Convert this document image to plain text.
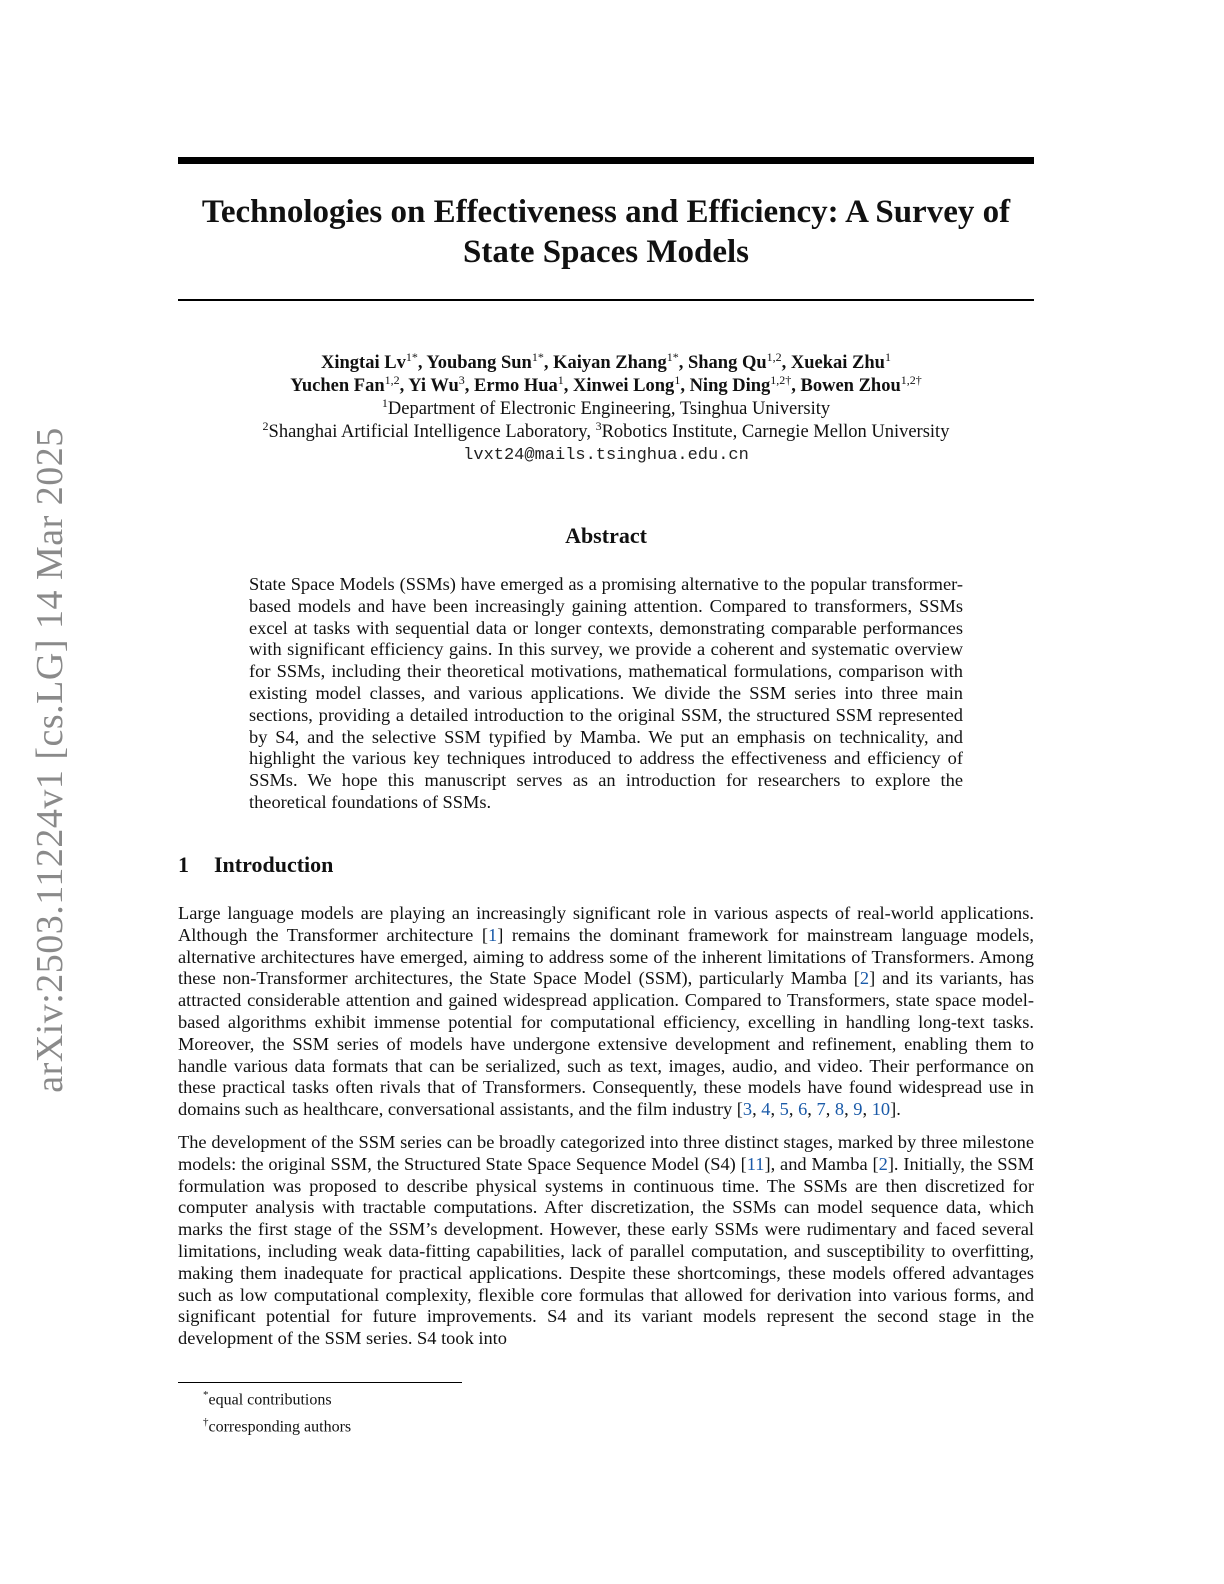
arXiv:2503.11224v1 [cs.LG] 14 Mar 2025
Technologies on Effectiveness and Efficiency: A Survey of State Spaces Models
Xingtai $Lv^{1*}$, Youbang Sun$^{1*}$, Kaiyan Zhang$^{1*}$, Shang Qu$^{1,2}$, Xuekai Zhu$^1$
Yuchen Fan$^{1,2}$, Yi Wu$^3$, Ermo Hua$^1$, Xinwei Long$^1$, Ning Ding$^{1,2\dagger}$, Bowen Zhou$^{1,2\dagger}$
$^1$Department of Electronic Engineering, Tsinghua University
$^2$Shanghai Artificial Intelligence Laboratory, $^3$Robotics Institute, Carnegie Mellon University
lvxt24@mails.tsinghua.edu.cn
Abstract

State Space Models (SSMs) have emerged as a promising alternative to the popular transformer-based models and have been increasingly gaining attention. Compared to transformers, SSMs excel at tasks with sequential data or longer contexts, demonstrating comparable performances with significant efficiency gains. In this survey, we provide a coherent and systematic overview for SSMs, including their theoretical motivations, mathematical formulations, comparison with existing model classes, and various applications. We divide the SSM series into three main sections, providing a detailed introduction to the original SSM, the structured SSM represented by S4, and the selective SSM typified by Mamba. We put an emphasis on technicality, and highlight the various key techniques introduced to address the effectiveness and efficiency of SSMs. We hope this manuscript serves as an introduction for researchers to explore the theoretical foundations of SSMs.

1 Introduction

Large language models are playing an increasingly significant role in various aspects of real-world applications. Although the Transformer architecture [1] remains the dominant framework for mainstream language models, alternative architectures have emerged, aiming to address some of the inherent limitations of Transformers. Among these non-Transformer architectures, the State Space Model (SSM), particularly Mamba [2] and its variants, has attracted considerable attention and gained widespread application. Compared to Transformers, state space model-based algorithms exhibit immense potential for computational efficiency, excelling in handling long-text tasks. Moreover, the SSM series of models have undergone extensive development and refinement, enabling them to handle various data formats that can be serialized, such as text, images, audio, and video. Their performance on these practical tasks often rivals that of Transformers. Consequently, these models have found widespread use in domains such as healthcare, conversational assistants, and the film industry [3, 4, 5, 6, 7, 8, 9, 10].

The development of the SSM series can be broadly categorized into three distinct stages, marked by three milestone models: the original SSM, the Structured State Space Sequence Model (S4) [11], and Mamba [2]. Initially, the SSM formulation was proposed to describe physical systems in continuous time. The SSMs are then discretized for computer analysis with tractable computations. After discretization, the SSMs can model sequence data, which marks the first stage of the SSM’s development. However, these early SSMs were rudimentary and faced several limitations, including weak data-fitting capabilities, lack of parallel computation, and susceptibility to overfitting, making them inadequate for practical applications. Despite these shortcomings, these models offered advantages such as low computational complexity, flexible core formulas that allowed for derivation into various forms, and significant potential for future improvements. S4 and its variant models represent the second stage in the development of the SSM series. S4 took into

*equal contributions
†corresponding authors
